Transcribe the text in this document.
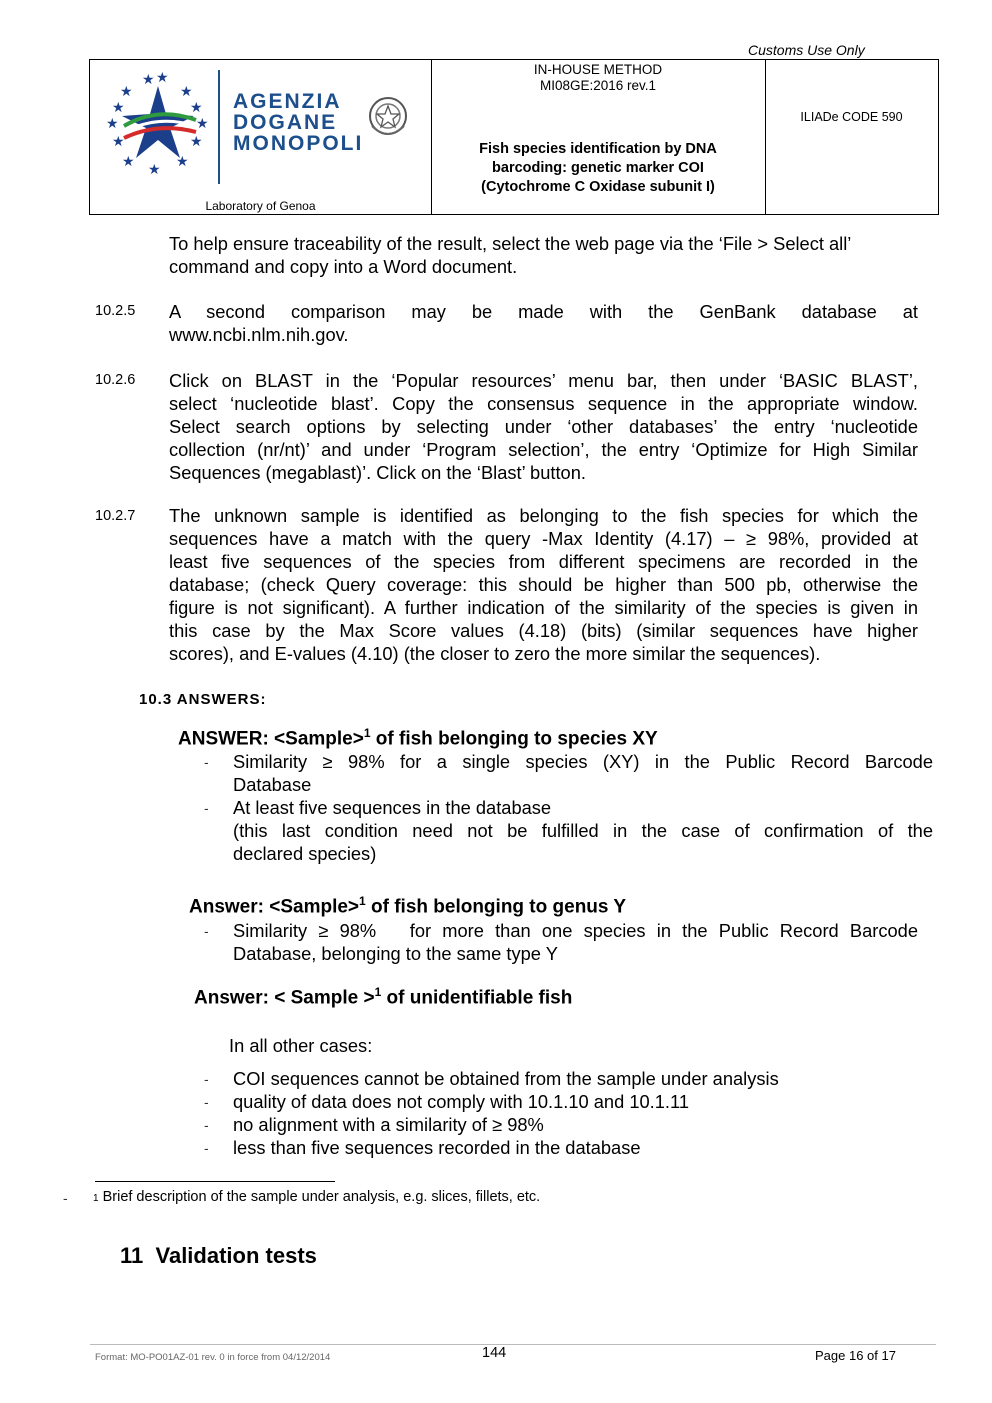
Customs Use Only
★ ★
★	★
★	★
★	★
★	★
★	★
★
AGENZIA
DOGANE
MONOPOLI
Laboratory of Genoa
IN-HOUSE METHOD
MI08GE:2016 rev.1
Fish species identification by DNA
barcoding: genetic marker COI
(Cytochrome C Oxidase subunit I)
ILIADe CODE 590
To help ensure traceability of the result, select the web page via the ‘File > Select all’
command and copy into a Word document.
10.2.5 A second comparison may be made with the GenBank database at
www.ncbi.nlm.nih.gov.
10.2.6 Click on BLAST in the ‘Popular resources’ menu bar, then under ‘BASIC BLAST’,
select ‘nucleotide blast’. Copy the consensus sequence in the appropriate window.
Select search options by selecting under ‘other databases’ the entry ‘nucleotide
collection (nr/nt)’ and under ‘Program selection’, the entry ‘Optimize for High Similar
Sequences (megablast)’. Click on the ‘Blast’ button.
10.2.7 The unknown sample is identified as belonging to the fish species for which the
sequences have a match with the query -Max Identity (4.17) – ≥ 98%, provided at
least five sequences of the species from different specimens are recorded in the
database; (check Query coverage: this should be higher than 500 pb, otherwise the
figure is not significant). A further indication of the similarity of the species is given in
this case by the Max Score values (4.18) (bits) (similar sequences have higher
scores), and E-values (4.10) (the closer to zero the more similar the sequences).
10.3 ANSWERS:
ANSWER: <Sample>$^1$ of fish belonging to species XY
- Similarity ≥ 98% for a single species (XY) in the Public Record Barcode
Database
- At least five sequences in the database
(this last condition need not be fulfilled in the case of confirmation of the
declared species)
Answer: <Sample>$^1$ of fish belonging to genus Y
- Similarity ≥ 98%   for more than one species in the Public Record Barcode
Database, belonging to the same type Y
Answer: < Sample >$^1$ of unidentifiable fish
In all other cases:
- COI sequences cannot be obtained from the sample under analysis
- quality of data does not comply with 10.1.10 and 10.1.11
- no alignment with a similarity of ≥ 98%
- less than five sequences recorded in the database
-	1 Brief description of the sample under analysis, e.g. slices, fillets, etc.
11 Validation tests
Format: MO-PO01AZ-01 rev. 0 in force from 04/12/2014	144	Page 16 of 17
